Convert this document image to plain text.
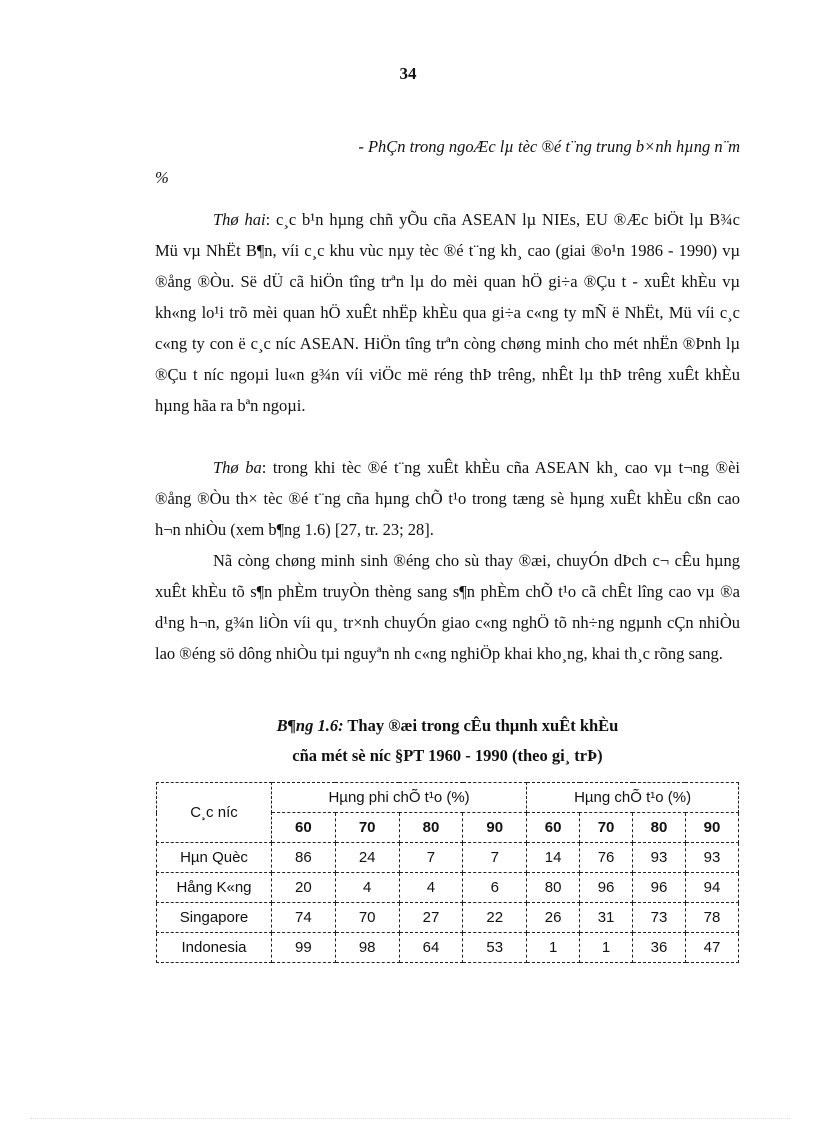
34
- PhÇn trong ngoÆc lµ tèc ®é t¨ng trung b×nh hµng n¨m
%
Thø hai: c¸c b¹n hµng chñ yÕu cña ASEAN lµ NIEs, EU ®Æc biÖt lµ B¾c Mü vµ NhËt B¶n, víi c¸c khu vùc nµy tèc ®é t¨ng kh¸ cao (giai ®o¹n 1986 - 1990) vµ ®ång ®Òu. Së dÜ cã hiÖn tîng trªn lµ do mèi quan hÖ gi÷a ®Çu t - xuÊt khÈu vµ kh«ng lo¹i trõ mèi quan hÖ xuÊt nhËp khÈu qua gi÷a c«ng ty mÑ ë NhËt, Mü víi c¸c c«ng ty con ë c¸c níc ASEAN. HiÖn tîng trªn còng chøng minh cho mét nhËn ®Þnh lµ ®Çu t níc ngoµi lu«n g¾n víi viÖc më réng thÞ trêng, nhÊt lµ thÞ trêng xuÊt khÈu hµng hãa ra bªn ngoµi.
Thø ba: trong khi tèc ®é t¨ng xuÊt khÈu cña ASEAN kh¸ cao vµ t¬ng ®èi ®ång ®Òu th× tèc ®é t¨ng cña hµng chÕ t¹o trong tæng sè hµng xuÊt khÈu cßn cao h¬n nhiÒu (xem b¶ng 1.6) [27, tr. 23; 28].
Nã còng chøng minh sinh ®éng cho sù thay ®æi, chuyÓn dÞch c¬ cÊu hµng xuÊt khÈu tõ s¶n phÈm truyÒn thèng sang s¶n phÈm chÕ t¹o cã chÊt lîng cao vµ ®a d¹ng h¬n, g¾n liÒn víi qu¸ tr×nh chuyÓn giao c«ng nghÖ tõ nh÷ng ngµnh cÇn nhiÒu lao ®éng sö dông nhiÒu tµi nguyªn nh c«ng nghiÖp khai kho¸ng, khai th¸c rõng sang.
B¶ng 1.6: Thay ®æi trong cÊu thµnh xuÊt khÈu
cña mét sè níc §PT 1960 - 1990 (theo gi¸ trÞ)
C¸c níc	Hµng phi chÕ t¹o (%)				Hµng chÕ t¹o (%)			
	60	70	80	90	60	70	80	90
Hµn Quèc	86	24	7	7	14	76	93	93
Hång K«ng	20	4	4	6	80	96	96	94
Singapore	74	70	27	22	26	31	73	78
Indonesia	99	98	64	53	1	1	36	47
